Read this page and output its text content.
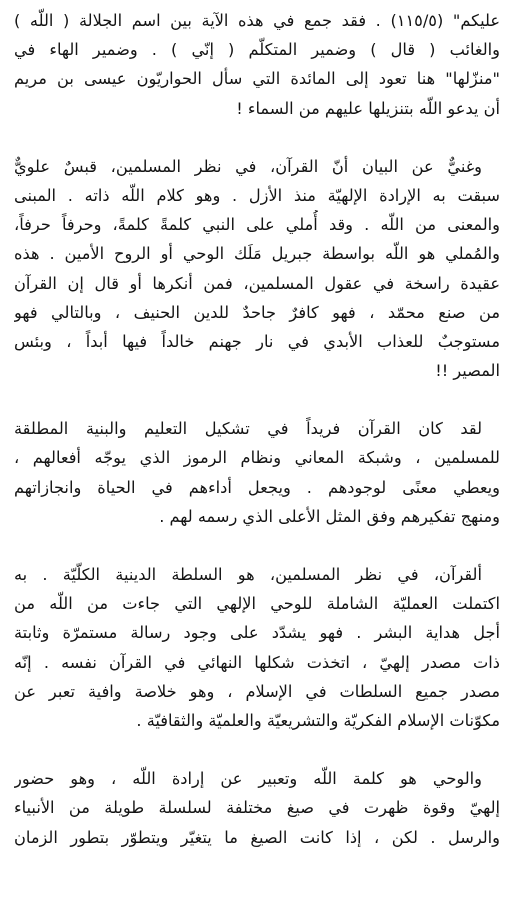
عليكم" (١١٥/٥) . فقد جمع في هذه الآية بين اسم الجلالة ( اللّه )
والغائب ( قال ) وضمير المتكلّم ( إنّي ) . وضمير الهاء في
"منزّلها" هنا تعود إلى المائدة التي سأل الحواريّون عيسى بن مريم
أن يدعو اللّه بتنزيلها عليهم من السماء !
وغنيٌّ عن البيان أنّ القرآن، في نظر المسلمين، قبسٌ علويٌّ
سبقت به الإرادة الإلهيّة منذ الأزل . وهو كلام اللّه ذاته . المبنى
والمعنى من اللّه . وقد أُملي على النبي كلمةً كلمةً، وحرفاً حرفاً،
والمُملي هو اللّه بواسطة جبريل مَلَك الوحي أو الروح الأمين . هذه
عقيدة راسخة في عقول المسلمين، فمن أنكرها أو قال إن القرآن
من صنع محمّد ، فهو كافرٌ جاحدٌ للدين الحنيف ، وبالتالي فهو
مستوجبٌ للعذاب الأبدي في نار جهنم خالداً فيها أبداً ، وبئس
المصير !!
لقد كان القرآن فريداً في تشكيل التعليم والبنية المطلقة
للمسلمين ، وشبكة المعاني ونظام الرموز الذي يوجّه أفعالهم ،
ويعطي معنًى لوجودهم . ويجعل أداءهم في الحياة وانجازاتهم
ومنهج تفكيرهم وفق المثل الأعلى الذي رسمه لهم .
ألقرآن، في نظر المسلمين، هو السلطة الدينية الكلّيّة . به
اكتملت العمليّة الشاملة للوحي الإلهي التي جاءت من اللّه من
أجل هداية البشر . فهو يشدّد على وجود رسالة مستمرّة وثابتة
ذات مصدر إلهيّ ، اتخذت شكلها النهائي في القرآن نفسه . إنّه
مصدر جميع السلطات في الإسلام ، وهو خلاصة وافية تعبر عن
مكوّنات الإسلام الفكريّة والتشريعيّة والعلميّة والثقافيّة .
والوحي هو كلمة اللّه وتعبير عن إرادة اللّه ، وهو حضور
إلهيّ وقوة ظهرت في صيغ مختلفة لسلسلة طويلة من الأنبياء
والرسل . لكن ، إذا كانت الصيغ ما يتغيّر ويتطوّر بتطور الزمان
